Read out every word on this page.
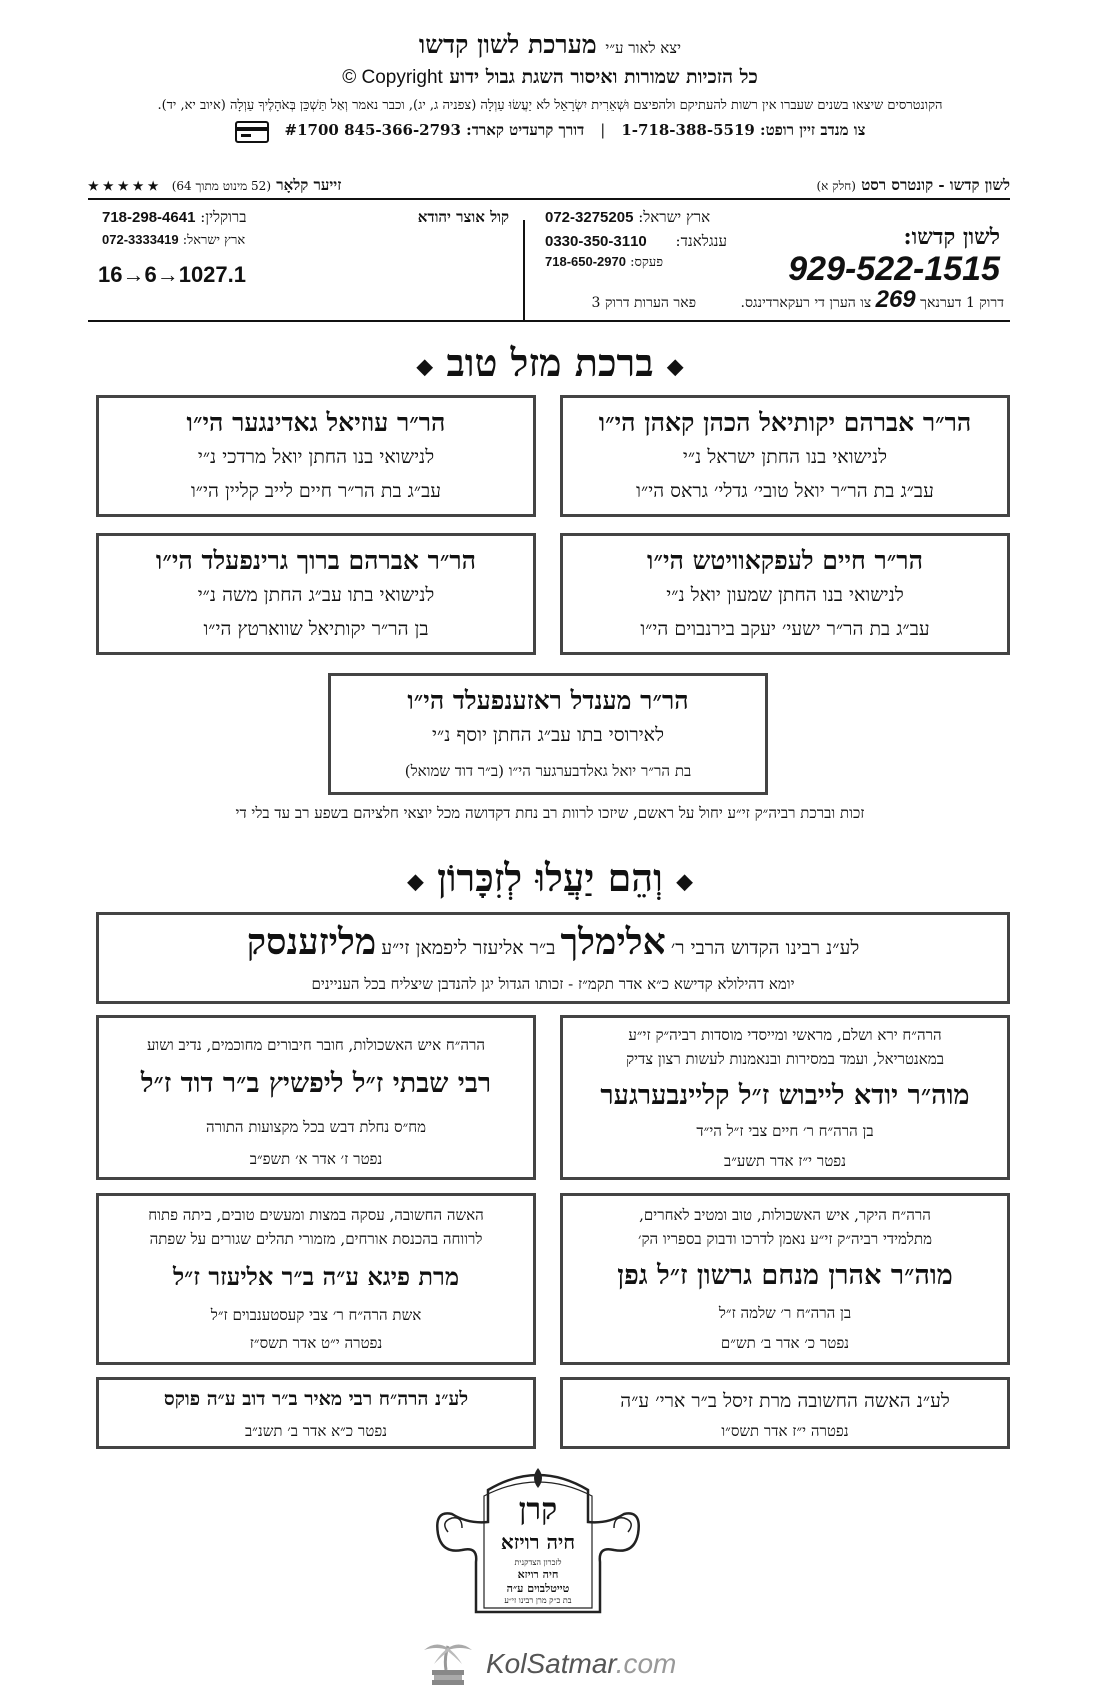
יצא לאור ע״י מערכת לשון קדשו
כל הזכיות שמורות ואיסור השגת גבול ידוע Copyright ©
הקונטרסים שיצאו בשנים שעברו אין רשות להעתיקם ולהפיצם וּשְׁאֵרִית יִשְׂרָאֵל לֹא יַעֲשׂוּ עַוְלָה (צפניה ג, יג), וכבר נאמר וְאַל תַּשְׁכֵּן בְּאֹהָלֶיךָ עַוְלָה (איוב יא, יד).
צו מנדב זיין רופט: 1-718-388-5519
|
דורך קרעדיט קארד: 845-366-2793 #1700
לשון קדשו - קונטרס רסט (חלק א)
זייער קלאָר (52 מינוט מתוך 64) ★ ★ ★ ★ ★
לשון קדשו:
929-522-1515
ארץ ישראל: 072-3275205
ענגלאנד: 0330-350-3110
פעקס: 718-650-2970
דרוק 1 דערנאך 269 צו הערן די רעקארדינגס. פאר הערות דרוק 3
קול אוצר יהודא
ברוקלין: 718-298-4641
ארץ ישראל: 072-3333419
16→6→1027.1
◆ ברכת מזל טוב ◆
הר״ר אברהם יקותיאל הכהן קאהן הי״ו
לנישואי בנו החתן ישראל נ״י
עב״ג בת הר״ר יואל טובי׳ גדלי׳ גראס הי״ו
הר״ר עוזיאל גאדינגער הי״ו
לנישואי בנו החתן יואל מרדכי נ״י
עב״ג בת הר״ר חיים לייב קליין הי״ו
הר״ר חיים לעפקאוויטש הי״ו
לנישואי בנו החתן שמעון יואל נ״י
עב״ג בת הר״ר ישעי׳ יעקב בירנבוים הי״ו
הר״ר אברהם ברוך גרינפעלד הי״ו
לנישואי בתו עב״ג החתן משה נ״י
בן הר״ר יקותיאל שווארטץ הי״ו
הר״ר מענדל ראזענפעלד הי״ו
לאירוסי בתו עב״ג החתן יוסף נ״י
בת הר״ר יואל גאלדבערגער הי״ו (ב״ר דוד שמואל)
זכות וברכת רביה״ק זי״ע יחול על ראשם, שיזכו לרוות רב נחת דקדושה מכל יוצאי חלציהם בשפע רב עד בלי די
◆ וְהֵם יַעֲלוּ לְזִכָּרוֹן ◆
לע״נ רבינו הקדוש הרבי ר׳ אלימלך ב״ר אליעזר ליפמאן זי״ע מליזענסק
יומא דהילולא קדישא כ״א אדר תקמ״ז - זכותו הגדול יגן להנדבן שיצליח בכל העניינים
הרה״ח ירא ושלם, מראשי ומייסדי מוסדות רביה״ק זי״ע
במאנטריאל, ועמד במסירות ובנאמנות לעשות רצון צדיק
מוה״ר יודא לייבוש ז״ל קליינבערגער
בן הרה״ח ר׳ חיים צבי ז״ל הי״ד
נפטר י״ז אדר תשע״ב
הרה״ח איש האשכולות, חובר חיבורים מחוכמים, נדיב ושוע
רבי שבתי ז״ל ליפשיץ ב״ר דוד ז״ל
מח״ס נחלת דבש בכל מקצועות התורה
נפטר ז׳ אדר א׳ תשפ״ב
הרה״ח היקר, איש האשכולות, טוב ומטיב לאחרים,
מתלמידי רביה״ק זי״ע נאמן לדרכו ודבוק בספריו הק׳
מוה״ר אהרן מנחם גרשון ז״ל גפן
בן הרה״ח ר׳ שלמה ז״ל
נפטר כ׳ אדר ב׳ תש״ם
האשה החשובה, עסקה במצות ומעשים טובים, ביתה פתוח
לרווחה בהכנסת אורחים, מזמורי תהלים שגורים על שפתה
מרת פיגא ע״ה ב״ר אליעזר ז״ל
אשת הרה״ח ר׳ צבי קעסטענבוים ז״ל
נפטרה י״ט אדר תשס״ז
לע״נ האשה החשובה מרת זיסל ב״ר ארי׳ ע״ה
נפטרה י״ז אדר תשס״ו
לע״נ הרה״ח רבי מאיר ב״ר דוב ע״ה פוקס
נפטר כ״א אדר ב׳ תשנ״ב
קרן
חיה רויזא
לזכרון הצדקנית
חיה רויזא
טייטלבוים ע״ה
בת כ״ק מרן רבינו זי״ע
KolSatmar.com
